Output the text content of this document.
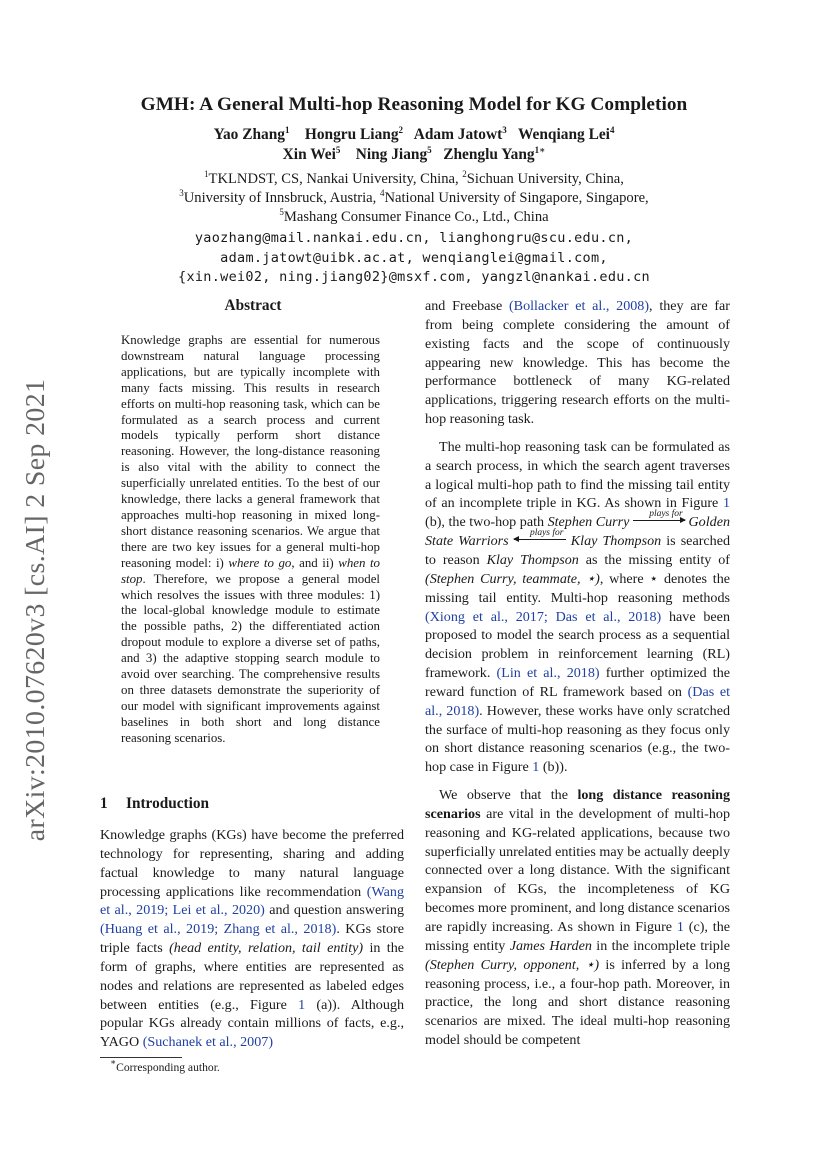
GMH: A General Multi-hop Reasoning Model for KG Completion
Yao Zhang$^1$ Hongru Liang$^2$ Adam Jatowt$^3$ Wenqiang Lei$^4$
Xin Wei$^5$ Ning Jiang$^5$ Zhenglu Yang$^{1∗}$
$^1$TKLNDST, CS, Nankai University, China, $^2$Sichuan University, China,
$^3$University of Innsbruck, Austria, $^4$National University of Singapore, Singapore,
$^5$Mashang Consumer Finance Co., Ltd., China
yaozhang@mail.nankai.edu.cn, lianghongru@scu.edu.cn,
adam.jatowt@uibk.ac.at, wenqianglei@gmail.com,
{xin.wei02, ning.jiang02}@msxf.com, yangzl@nankai.edu.cn
arXiv:2010.07620v3 [cs.AI] 2 Sep 2021
Abstract

Knowledge graphs are essential for numerous downstream natural language processing applications, but are typically incomplete with many facts missing. This results in research efforts on multi-hop reasoning task, which can be formulated as a search process and current models typically perform short distance reasoning. However, the long-distance reasoning is also vital with the ability to connect the superficially unrelated entities. To the best of our knowledge, there lacks a general framework that approaches multi-hop reasoning in mixed long-short distance reasoning scenarios. We argue that there are two key issues for a general multi-hop reasoning model: i) where to go, and ii) when to stop. Therefore, we propose a general model which resolves the issues with three modules: 1) the local-global knowledge module to estimate the possible paths, 2) the differentiated action dropout module to explore a diverse set of paths, and 3) the adaptive stopping search module to avoid over searching. The comprehensive results on three datasets demonstrate the superiority of our model with significant improvements against baselines in both short and long distance reasoning scenarios.

1 Introduction

Knowledge graphs (KGs) have become the preferred technology for representing, sharing and adding factual knowledge to many natural language processing applications like recommendation (Wang et al., 2019; Lei et al., 2020) and question answering (Huang et al., 2019; Zhang et al., 2018). KGs store triple facts (head entity, relation, tail entity) in the form of graphs, where entities are represented as nodes and relations are represented as labeled edges between entities (e.g., Figure 1 (a)). Although popular KGs already contain millions of facts, e.g., YAGO (Suchanek et al., 2007)

and Freebase (Bollacker et al., 2008), they are far from being complete considering the amount of existing facts and the scope of continuously appearing new knowledge. This has become the performance bottleneck of many KG-related applications, triggering research efforts on the multi-hop reasoning task.

The multi-hop reasoning task can be formulated as a search process, in which the search agent traverses a logical multi-hop path to find the missing tail entity of an incomplete triple in KG. As shown in Figure 1 (b), the two-hop path Stephen Curry	plays for Golden State Warriors	plays for Klay Thompson is searched to reason Klay Thompson as the missing entity of (Stephen Curry, teammate, ⋆), where ⋆ denotes the missing tail entity. Multi-hop reasoning methods (Xiong et al., 2017; Das et al., 2018) have been proposed to model the search process as a sequential decision problem in reinforcement learning (RL) framework. (Lin et al., 2018) further optimized the reward function of RL framework based on (Das et al., 2018). However, these works have only scratched the surface of multi-hop reasoning as they focus only on short distance reasoning scenarios (e.g., the two-hop case in Figure 1 (b)).

We observe that the long distance reasoning scenarios are vital in the development of multi-hop reasoning and KG-related applications, because two superficially unrelated entities may be actually deeply connected over a long distance. With the significant expansion of KGs, the incompleteness of KG becomes more prominent, and long distance scenarios are rapidly increasing. As shown in Figure 1 (c), the missing entity James Harden in the incomplete triple (Stephen Curry, opponent, ⋆) is inferred by a long reasoning process, i.e., a four-hop path. Moreover, in practice, the long and short distance reasoning scenarios are mixed. The ideal multi-hop reasoning model should be competent

∗Corresponding author.
